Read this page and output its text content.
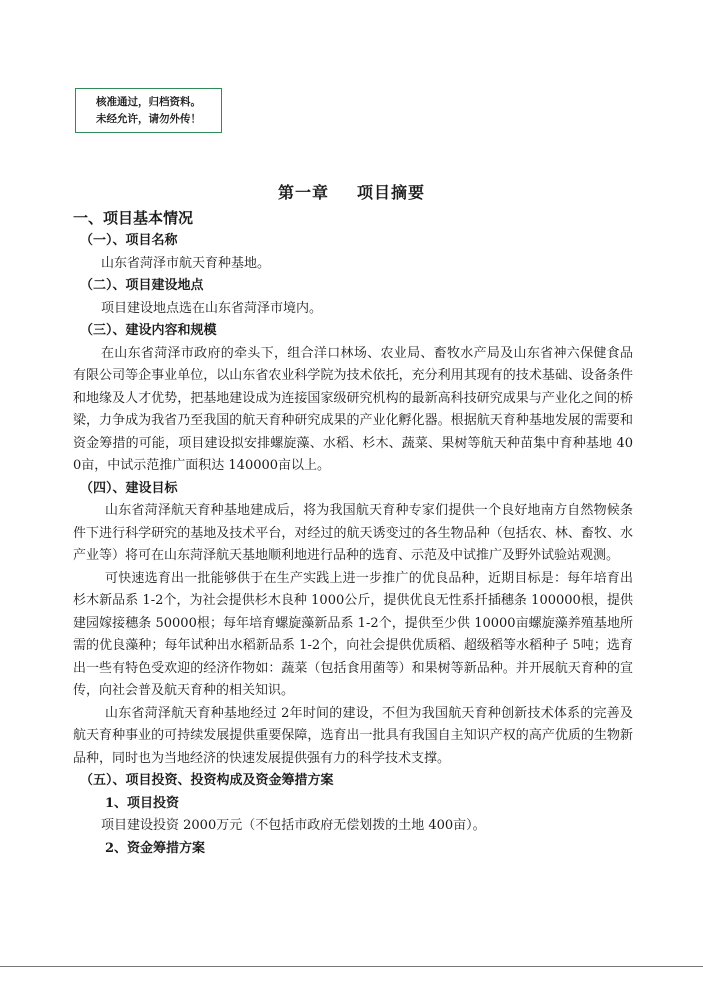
核准通过，归档资料。
未经允许，请勿外传！
第一章 项目摘要
一、项目基本情况
（一）、项目名称
山东省菏泽市航天育种基地。
（二）、项目建设地点
项目建设地点选在山东省菏泽市境内。
（三）、建设内容和规模
在山东省菏泽市政府的牵头下，组合洋口林场、农业局、畜牧水产局及山东省神六保健食品有限公司等企事业单位，以山东省农业科学院为技术依托，充分利用其现有的技术基础、设备条件和地缘及人才优势，把基地建设成为连接国家级研究机构的最新高科技研究成果与产业化之间的桥梁，力争成为我省乃至我国的航天育种研究成果的产业化孵化器。根据航天育种基地发展的需要和资金筹措的可能，项目建设拟安排螺旋藻、水稻、杉木、蔬菜、果树等航天种苗集中育种基地 400亩，中试示范推广面积达 140000亩以上。
（四）、建设目标
山东省菏泽航天育种基地建成后，将为我国航天育种专家们提供一个良好地南方自然物候条件下进行科学研究的基地及技术平台，对经过的航天诱变过的各生物品种（包括农、林、畜牧、水产业等）将可在山东菏泽航天基地顺利地进行品种的选育、示范及中试推广及野外试验站观测。
可快速选育出一批能够供于在生产实践上进一步推广的优良品种，近期目标是：每年培育出杉木新品系 1-2个，为社会提供杉木良种 1000公斤，提供优良无性系扦插穗条 100000根，提供建园嫁接穗条 50000根；每年培育螺旋藻新品系 1-2个，提供至少供 10000亩螺旋藻养殖基地所需的优良藻种；每年试种出水稻新品系 1-2个，向社会提供优质稻、超级稻等水稻种子 5吨；选育出一些有特色受欢迎的经济作物如：蔬菜（包括食用菌等）和果树等新品种。并开展航天育种的宣传，向社会普及航天育种的相关知识。
山东省菏泽航天育种基地经过 2年时间的建设，不但为我国航天育种创新技术体系的完善及航天育种事业的可持续发展提供重要保障，选育出一批具有我国自主知识产权的高产优质的生物新品种，同时也为当地经济的快速发展提供强有力的科学技术支撑。
（五）、项目投资、投资构成及资金筹措方案
1、项目投资
项目建设投资 2000万元（不包括市政府无偿划拨的土地 400亩）。
2、资金筹措方案
